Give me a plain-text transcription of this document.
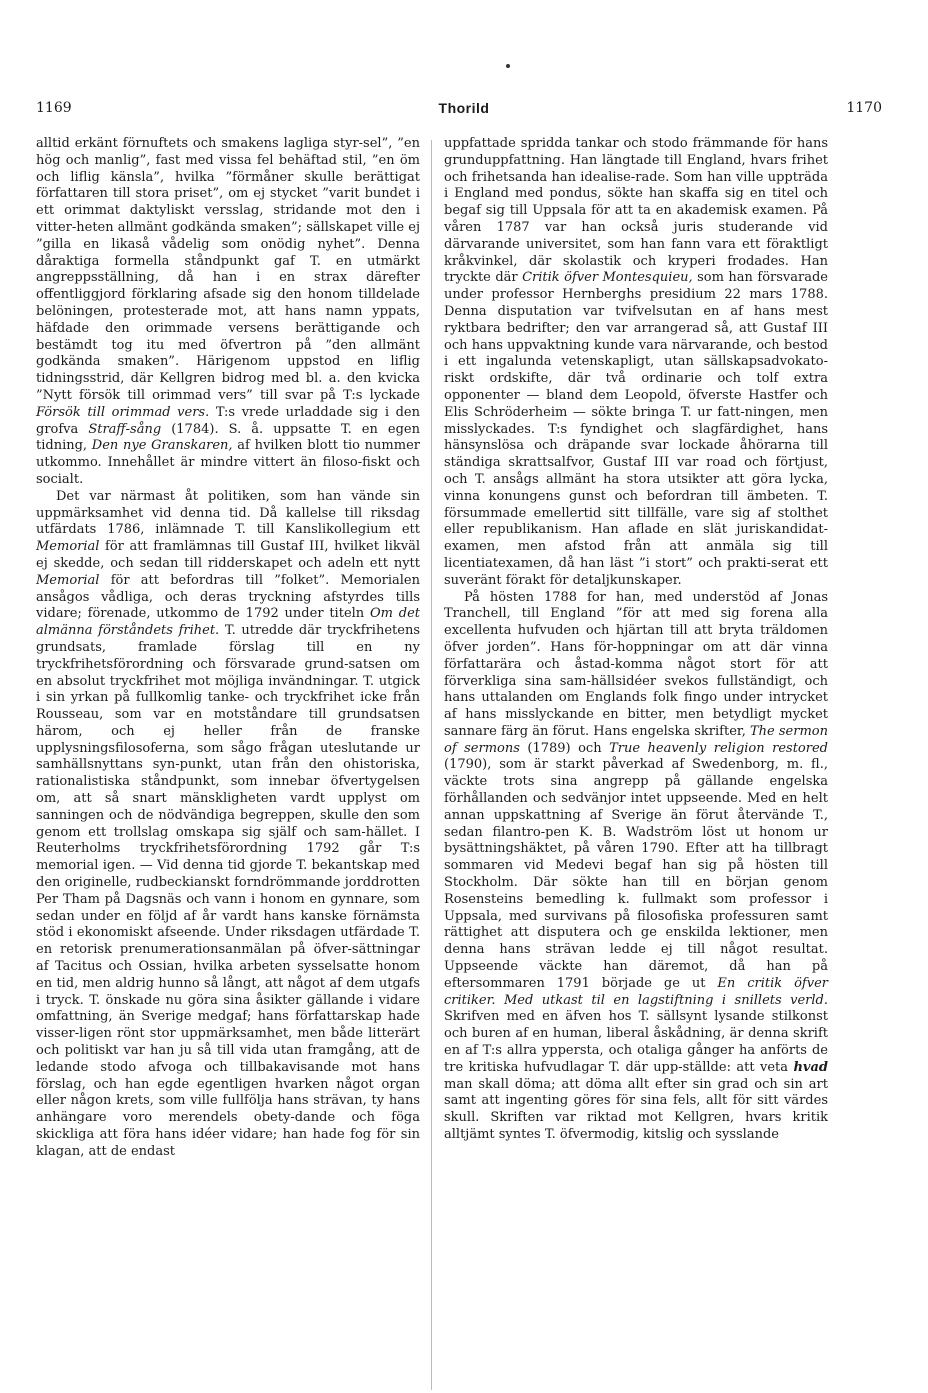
1169	Thorild	1170

alltid erkänt förnuftets och smakens lagliga styr-sel”, ”en hög och manlig”, fast med vissa fel behäftad stil, ”en öm och liflig känsla”, hvilka ”förmåner skulle berättigat författaren till stora priset”, om ej stycket ”varit bundet i ett orimmat daktyliskt versslag, stridande mot den i vitter-heten allmänt godkända smaken”; sällskapet ville ej ”gilla en likaså vådelig som onödig nyhet”. Denna dåraktiga formella ståndpunkt gaf T. en utmärkt angreppsställning, då han i en strax därefter offentliggjord förklaring afsade sig den honom tilldelade belöningen, protesterade mot, att hans namn yppats, häfdade den orimmade versens berättigande och bestämdt tog itu med öfvertron på ”den allmänt godkända smaken”. Härigenom uppstod en liflig tidningsstrid, där Kellgren bidrog med bl. a. den kvicka ”Nytt försök till orimmad vers” till svar på T:s lyckade Försök till orimmad vers. T:s vrede urladdade sig i den grofva Straff-sång (1784). S. å. uppsatte T. en egen tidning, Den nye Granskaren, af hvilken blott tio nummer utkommo. Innehållet är mindre vittert än filoso-fiskt och socialt.

Det var närmast åt politiken, som han vände sin uppmärksamhet vid denna tid. Då kallelse till riksdag utfärdats 1786, inlämnade T. till Kanslikollegium ett Memorial för att framlämnas till Gustaf III, hvilket likväl ej skedde, och sedan till ridderskapet och adeln ett nytt Memorial för att befordras till ”folket”. Memorialen ansågos vådliga, och deras tryckning afstyrdes tills vidare; förenade, utkommo de 1792 under titeln Om det almänna förståndets frihet. T. utredde där tryckfrihetens grundsats, framlade förslag till en ny tryckfrihetsförordning och försvarade grund-satsen om en absolut tryckfrihet mot möjliga invändningar. T. utgick i sin yrkan på fullkomlig tanke- och tryckfrihet icke från Rousseau, som var en motståndare till grundsatsen härom, och ej heller från de franske upplysningsfilosoferna, som sågo frågan uteslutande ur samhällsnyttans syn-punkt, utan från den ohistoriska, rationalistiska ståndpunkt, som innebar öfvertygelsen om, att så snart mänskligheten vardt upplyst om sanningen och de nödvändiga begreppen, skulle den som genom ett trollslag omskapa sig själf och sam-hället. I Reuterholms tryckfrihetsförordning 1792 går T:s memorial igen. — Vid denna tid gjorde T. bekantskap med den originelle, rudbeckianskt forndrömmande jorddrotten Per Tham på Dagsnäs och vann i honom en gynnare, som sedan under en följd af år vardt hans kanske förnämsta stöd i ekonomiskt afseende. Under riksdagen utfärdade T. en retorisk prenumerationsanmälan på öfver-sättningar af Tacitus och Ossian, hvilka arbeten sysselsatte honom en tid, men aldrig hunno så långt, att något af dem utgafs i tryck. T. önskade nu göra sina åsikter gällande i vidare omfattning, än Sverige medgaf; hans författarskap hade visser-ligen rönt stor uppmärksamhet, men både litterärt och politiskt var han ju så till vida utan framgång, att de ledande stodo afvoga och tillbakavisande mot hans förslag, och han egde egentligen hvarken något organ eller någon krets, som ville fullfölja hans strävan, ty hans anhängare voro merendels obety-dande och föga skickliga att föra hans idéer vidare; han hade fog för sin klagan, att de endast

uppfattade spridda tankar och stodo främmande för hans grunduppfattning. Han längtade till England, hvars frihet och frihetsanda han idealise-rade. Som han ville uppträda i England med pondus, sökte han skaffa sig en titel och begaf sig till Uppsala för att ta en akademisk examen. På våren 1787 var han också juris studerande vid därvarande universitet, som han fann vara ett föraktligt kråkvinkel, där skolastik och kryperi frodades. Han tryckte där Critik öfver Montesquieu, som han försvarade under professor Hernberghs presidium 22 mars 1788. Denna disputation var tvifvelsutan en af hans mest ryktbara bedrifter; den var arrangerad så, att Gustaf III och hans uppvaktning kunde vara närvarande, och bestod i ett ingalunda vetenskapligt, utan sällskapsadvokato-riskt ordskifte, där två ordinarie och tolf extra opponenter — bland dem Leopold, öfverste Hastfer och Elis Schröderheim — sökte bringa T. ur fatt-ningen, men misslyckades. T:s fyndighet och slagfärdighet, hans hänsynslösa och dräpande svar lockade åhörarna till ständiga skrattsalfvor, Gustaf III var road och förtjust, och T. ansågs allmänt ha stora utsikter att göra lycka, vinna konungens gunst och befordran till ämbeten. T. försummade emellertid sitt tillfälle, vare sig af stolthet eller republikanism. Han aflade en slät juriskandidat-examen, men afstod från att anmäla sig till licentiatexamen, då han läst ”i stort” och prakti-serat ett suveränt förakt för detaljkunskaper.

På hösten 1788 for han, med understöd af Jonas Tranchell, till England ”för att med sig forena alla excellenta hufvuden och hjärtan till att bryta träldomen öfver jorden”. Hans för-hoppningar om att där vinna författarära och åstad-komma något stort för att förverkliga sina sam-hällsidéer svekos fullständigt, och hans uttalanden om Englands folk fingo under intrycket af hans misslyckande en bitter, men betydligt mycket sannare färg än förut. Hans engelska skrifter, The sermon of sermons (1789) och True heavenly religion restored (1790), som är starkt påverkad af Swedenborg, m. fl., väckte trots sina angrepp på gällande engelska förhållanden och sedvänjor intet uppseende. Med en helt annan uppskattning af Sverige än förut återvände T., sedan filantro-pen K. B. Wadström löst ut honom ur bysättningshäktet, på våren 1790. Efter att ha tillbragt sommaren vid Medevi begaf han sig på hösten till Stockholm. Där sökte han till en början genom Rosensteins bemedling k. fullmakt som professor i Uppsala, med survivans på filosofiska professuren samt rättighet att disputera och ge enskilda lektioner, men denna hans strävan ledde ej till något resultat. Uppseende väckte han däremot, då han på eftersommaren 1791 började ge ut En critik öfver critiker. Med utkast til en lagstiftning i snillets verld. Skrifven med en äfven hos T. sällsynt lysande stilkonst och buren af en human, liberal åskådning, är denna skrift en af T:s allra yppersta, och otaliga gånger ha anförts de tre kritiska hufvudlagar T. där upp-ställde: att veta hvad man skall döma; att döma allt efter sin grad och sin art samt att ingenting göres för sina fels, allt för sitt värdes skull. Skriften var riktad mot Kellgren, hvars kritik alltjämt syntes T. öfvermodig, kitslig och sysslande
